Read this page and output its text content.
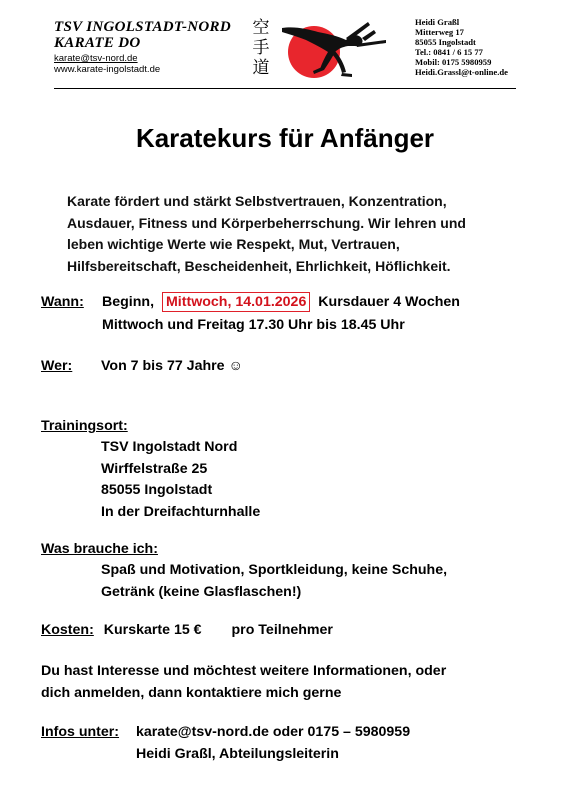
TSV INGOLSTADT-NORD
KARATE DO
karate@tsv-nord.de
www.karate-ingolstadt.de
空
手
道
Heidi Graßl
Mitterweg 17
85055 Ingolstadt
Tel.: 0841 / 6 15 77
Mobil: 0175 5980959
Heidi.Grassl@t-online.de
Karatekurs für Anfänger
Karate fördert und stärkt Selbstvertrauen, Konzentration,
Ausdauer, Fitness und Körperbeherrschung. Wir lehren und
leben wichtige Werte wie Respekt, Mut, Vertrauen,
Hilfsbereitschaft, Bescheidenheit, Ehrlichkeit, Höflichkeit.
Wann: Beginn, Mittwoch, 14.01.2026 Kursdauer 4 Wochen
Mittwoch und Freitag 17.30 Uhr bis 18.45 Uhr
Wer: Von 7 bis 77 Jahre ☺
Trainingsort:
TSV Ingolstadt Nord
Wirffelstraße 25
85055 Ingolstadt
In der Dreifachturnhalle
Was brauche ich:
Spaß und Motivation, Sportkleidung, keine Schuhe,
Getränk (keine Glasflaschen!)
Kosten: Kurskarte 15 € pro Teilnehmer
Du hast Interesse und möchtest weitere Informationen, oder
dich anmelden, dann kontaktiere mich gerne
Infos unter: karate@tsv-nord.de oder 0175 – 5980959
Heidi Graßl, Abteilungsleiterin
